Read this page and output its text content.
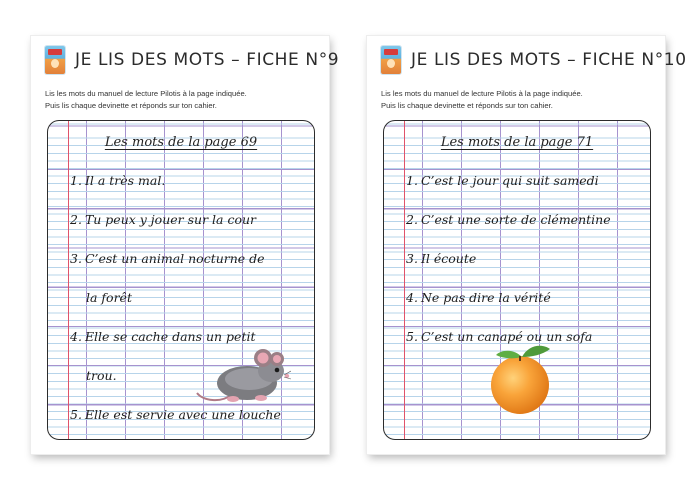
JE LIS DES MOTS – FICHE N°9
Lis les mots du manuel de lecture Pilotis à la page indiquée.
Puis lis chaque devinette et réponds sur ton cahier.
Les mots de la page 69
1. Il a très mal.
2. Tu peux y jouer sur la cour
3. C’est un animal nocturne de
la forêt
4. Elle se cache dans un petit
trou.
5. Elle est servie avec une louche
JE LIS DES MOTS – FICHE N°10
Lis les mots du manuel de lecture Pilotis à la page indiquée.
Puis lis chaque devinette et réponds sur ton cahier.
Les mots de la page 71
1. C’est le jour qui suit samedi
2. C’est une sorte de clémentine
3. Il écoute
4. Ne pas dire la vérité
5. C’est un canapé ou un sofa
